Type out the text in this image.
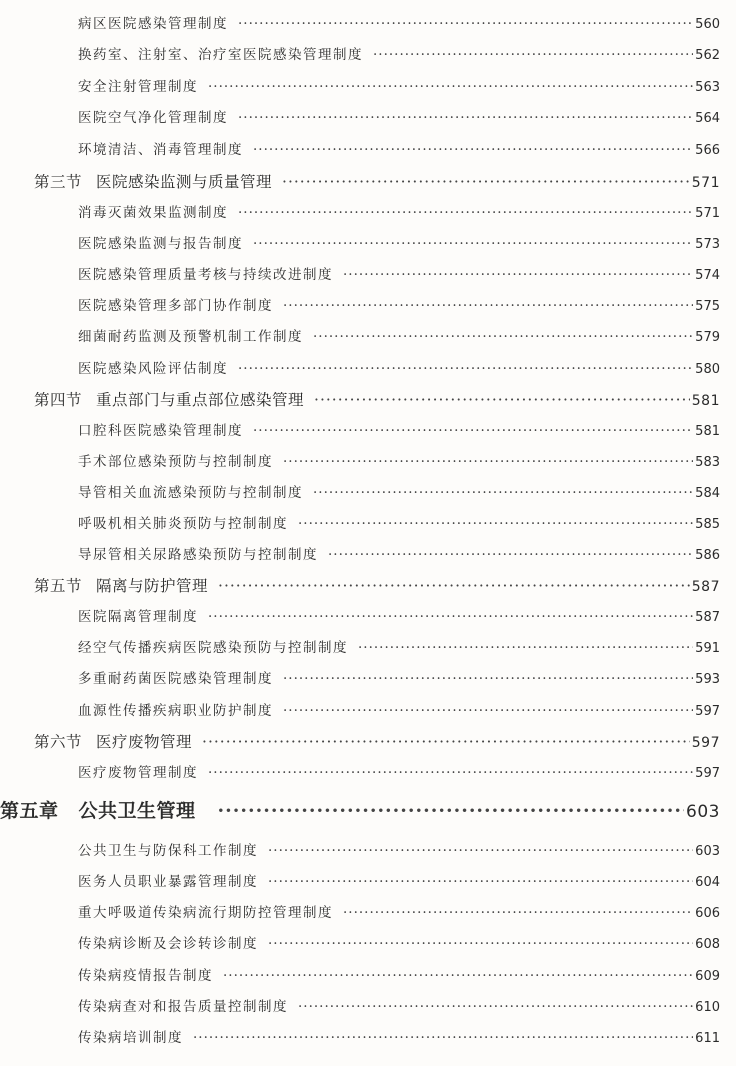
病区医院感染管理制度 ·····	560
换药室、注射室、治疗室医院感染管理制度 ·····	562
安全注射管理制度 ·····	563
医院空气净化管理制度 ·····	564
环境清洁、消毒管理制度 ·····	566
第三节 医院感染监测与质量管理 ·····	571
消毒灭菌效果监测制度 ·····	571
医院感染监测与报告制度 ·····	573
医院感染管理质量考核与持续改进制度 ·····	574
医院感染管理多部门协作制度 ·····	575
细菌耐药监测及预警机制工作制度 ·····	579
医院感染风险评估制度 ·····	580
第四节 重点部门与重点部位感染管理 ·····	581
口腔科医院感染管理制度 ·····	581
手术部位感染预防与控制制度 ·····	583
导管相关血流感染预防与控制制度 ·····	584
呼吸机相关肺炎预防与控制制度 ·····	585
导尿管相关尿路感染预防与控制制度 ·····	586
第五节 隔离与防护管理 ·····	587
医院隔离管理制度 ·····	587
经空气传播疾病医院感染预防与控制制度 ·····	591
多重耐药菌医院感染管理制度 ·····	593
血源性传播疾病职业防护制度 ·····	597
第六节 医疗废物管理 ·····	597
医疗废物管理制度 ·····	597
第五章 公共卫生管理 ·····	603
公共卫生与防保科工作制度 ·····	603
医务人员职业暴露管理制度 ·····	604
重大呼吸道传染病流行期防控管理制度 ·····	606
传染病诊断及会诊转诊制度 ·····	608
传染病疫情报告制度 ·····	609
传染病查对和报告质量控制制度 ·····	610
传染病培训制度 ·····	611
